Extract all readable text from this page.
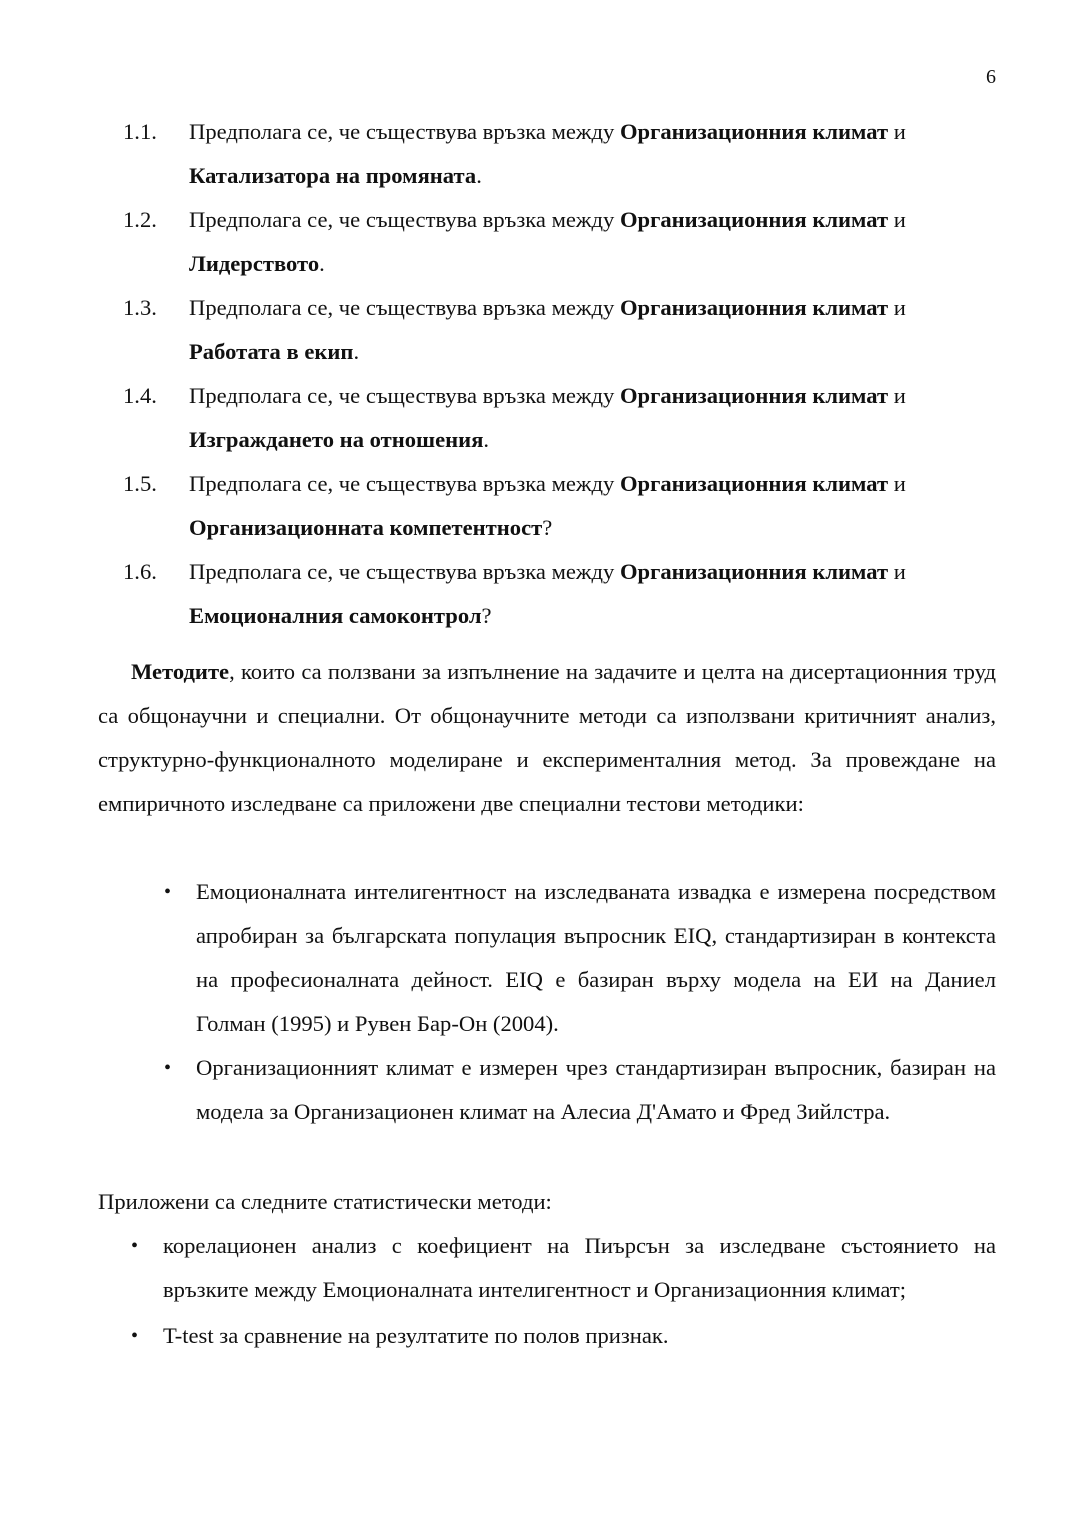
6
1.1. Предполага се, че съществува връзка между Организационния климат и
Катализатора на промяната.
1.2. Предполага се, че съществува връзка между Организационния климат и
Лидерството.
1.3. Предполага се, че съществува връзка между Организационния климат и
Работата в екип.
1.4. Предполага се, че съществува връзка между Организационния климат и
Изграждането на отношения.
1.5. Предполага се, че съществува връзка между Организационния климат и
Организационната компетентност?
1.6. Предполага се, че съществува връзка между Организационния климат и
Емоционалния самоконтрол?

Методите, които са ползвани за изпълнение на задачите и целта на дисертационния труд са общонаучни и специални. От общонаучните методи са използвани критичният анализ, структурно-функционалното моделиране и експерименталния метод. За провеждане на емпиричното изследване са приложени две специални тестови методики:

• Емоционалната интелигентност на изследваната извадка е измерена посредством апробиран за българската популация въпросник EIQ, стандартизиран в контекста на професионалната дейност. EIQ е базиран върху модела на ЕИ на Даниел Голман (1995) и Рувен Бар-Он (2004).
• Организационният климат е измерен чрез стандартизиран въпросник, базиран на модела за Организационен климат на Алесиа Д'Амато и Фред Зийлстра.

Приложени са следните статистически методи:

• корелационен анализ с коефициент на Пиърсън за изследване състоянието на връзките между Емоционалната интелигентност и Организационния климат;
• T-test за сравнение на резултатите по полов признак.
